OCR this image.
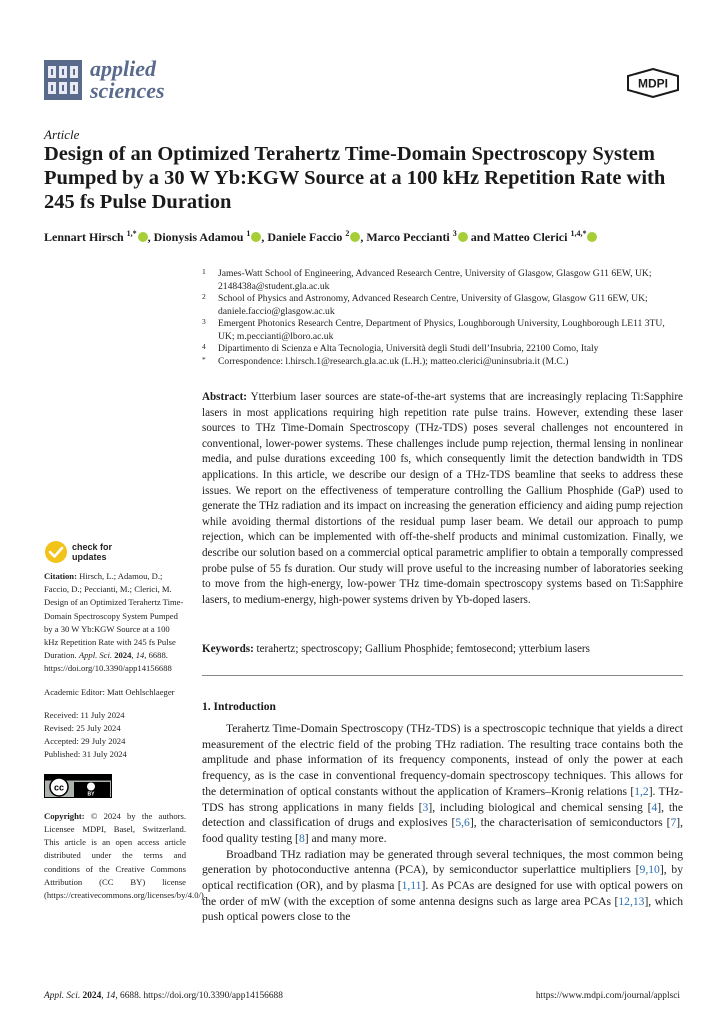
applied
sciences	MDPI
Article
Design of an Optimized Terahertz Time-Domain Spectroscopy System Pumped by a 30 W Yb:KGW Source at a 100 kHz Repetition Rate with 245 fs Pulse Duration
Lennart Hirsch $^{1,*}$ , Dionysis Adamou $^1$ , Daniele Faccio $^2$ , Marco Peccianti $^3$ and Matteo Clerici $^{1,4,*}$
1	James-Watt School of Engineering, Advanced Research Centre, University of Glasgow, Glasgow G11 6EW, UK; 2148438a@student.gla.ac.uk
2	School of Physics and Astronomy, Advanced Research Centre, University of Glasgow, Glasgow G11 6EW, UK; daniele.faccio@glasgow.ac.uk
3	Emergent Photonics Research Centre, Department of Physics, Loughborough University, Loughborough LE11 3TU, UK; m.peccianti@lboro.ac.uk
4	Dipartimento di Scienza e Alta Tecnologia, Università degli Studi dell’Insubria, 22100 Como, Italy
*	Correspondence: l.hirsch.1@research.gla.ac.uk (L.H.); matteo.clerici@uninsubria.it (M.C.)
Abstract: Ytterbium laser sources are state-of-the-art systems that are increasingly replacing Ti:Sapphire lasers in most applications requiring high repetition rate pulse trains. However, extending these laser sources to THz Time-Domain Spectroscopy (THz-TDS) poses several challenges not encountered in conventional, lower-power systems. These challenges include pump rejection, thermal lensing in nonlinear media, and pulse durations exceeding 100 fs, which consequently limit the detection bandwidth in TDS applications. In this article, we describe our design of a THz-TDS beamline that seeks to address these issues. We report on the effectiveness of temperature controlling the Gallium Phosphide (GaP) used to generate the THz radiation and its impact on increasing the generation efficiency and aiding pump rejection while avoiding thermal distortions of the residual pump laser beam. We detail our approach to pump rejection, which can be implemented with off-the-shelf products and minimal customization. Finally, we describe our solution based on a commercial optical parametric amplifier to obtain a temporally compressed probe pulse of 55 fs duration. Our study will prove useful to the increasing number of laboratories seeking to move from the high-energy, low-power THz time-domain spectroscopy systems based on Ti:Sapphire lasers, to medium-energy, high-power systems driven by Yb-doped lasers.
Keywords: terahertz; spectroscopy; Gallium Phosphide; femtosecond; ytterbium lasers
1. Introduction

Terahertz Time-Domain Spectroscopy (THz-TDS) is a spectroscopic technique that yields a direct measurement of the electric field of the probing THz radiation. The resulting trace contains both the amplitude and phase information of its frequency components, instead of only the power at each frequency, as is the case in conventional frequency-domain spectroscopy techniques. This allows for the determination of optical constants without the application of Kramers–Kronig relations [1,2]. THz-TDS has strong applications in many fields [3], including biological and chemical sensing [4], the detection and classification of drugs and explosives [5,6], the characterisation of semiconductors [7], food quality testing [8] and many more.

Broadband THz radiation may be generated through several techniques, the most common being generation by photoconductive antenna (PCA), by semiconductor superlattice multipliers [9,10], by optical rectification (OR), and by plasma [1,11]. As PCAs are designed for use with optical powers on the order of mW (with the exception of some antenna designs such as large area PCAs [12,13], which push optical powers close to the

check for
updates
Citation: Hirsch, L.; Adamou, D.; Faccio, D.; Peccianti, M.; Clerici, M. Design of an Optimized Terahertz Time-Domain Spectroscopy System Pumped by a 30 W Yb:KGW Source at a 100 kHz Repetition Rate with 245 fs Pulse Duration. Appl. Sci. 2024, 14, 6688. https://doi.org/10.3390/app14156688
Academic Editor: Matt Oehlschlaeger
Received: 11 July 2024
Revised: 25 July 2024
Accepted: 29 July 2024
Published: 31 July 2024
cc
BY
Copyright: © 2024 by the authors. Licensee MDPI, Basel, Switzerland. This article is an open access article distributed under the terms and conditions of the Creative Commons Attribution (CC BY) license (https://creativecommons.org/licenses/by/4.0/).
Appl. Sci. 2024, 14, 6688. https://doi.org/10.3390/app14156688	https://www.mdpi.com/journal/applsci
